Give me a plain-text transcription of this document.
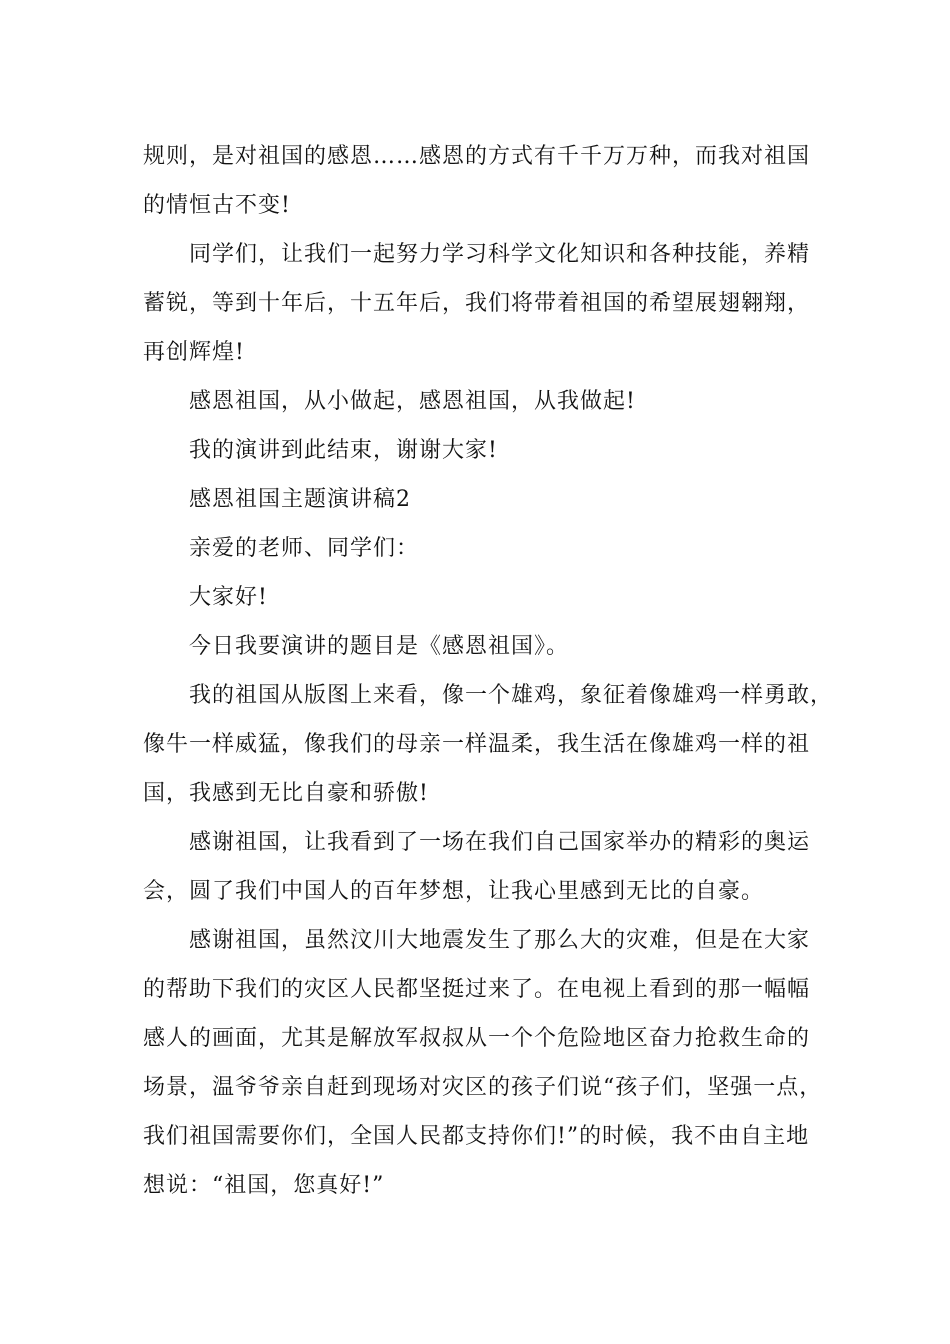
规则，是对祖国的感恩……感恩的方式有千千万万种，而我对祖国
的情恒古不变!
同学们，让我们一起努力学习科学文化知识和各种技能，养精
蓄锐，等到十年后，十五年后，我们将带着祖国的希望展翅翱翔，
再创辉煌!
感恩祖国，从小做起，感恩祖国，从我做起!
我的演讲到此结束，谢谢大家!
感恩祖国主题演讲稿2
亲爱的老师、同学们：
大家好!
今日我要演讲的题目是《感恩祖国》。
我的祖国从版图上来看，像一个雄鸡，象征着像雄鸡一样勇敢，
像牛一样威猛，像我们的母亲一样温柔，我生活在像雄鸡一样的祖
国，我感到无比自豪和骄傲!
感谢祖国，让我看到了一场在我们自己国家举办的精彩的奥运
会，圆了我们中国人的百年梦想，让我心里感到无比的自豪。
感谢祖国，虽然汶川大地震发生了那么大的灾难，但是在大家
的帮助下我们的灾区人民都坚挺过来了。在电视上看到的那一幅幅
感人的画面，尤其是解放军叔叔从一个个危险地区奋力抢救生命的
场景，温爷爷亲自赶到现场对灾区的孩子们说“孩子们，坚强一点，
我们祖国需要你们，全国人民都支持你们!”的时候，我不由自主地
想说：“祖国，您真好!”
